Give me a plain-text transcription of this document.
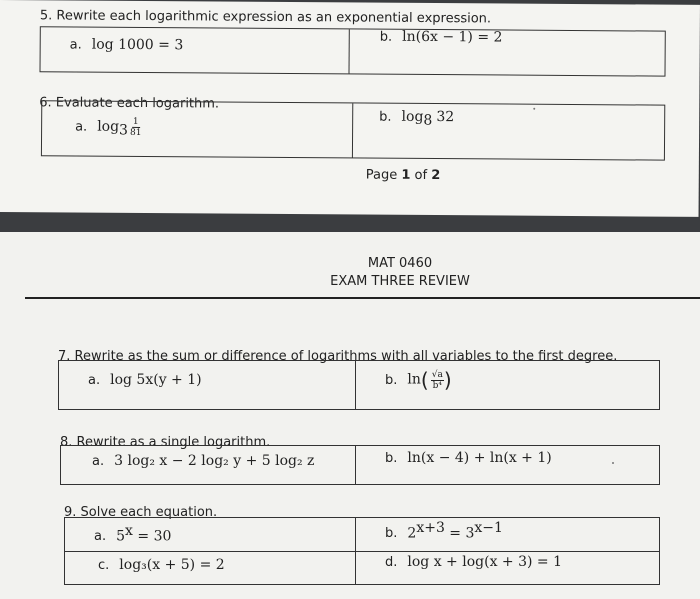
5. Rewrite each logarithmic expression as an exponential expression.
a. log 1000 = 3	b. ln(6x − 1) = 2
6. Evaluate each logarithm.
a. $\log_3 \frac{1}{81}$	b. $\log_8 32$
Page 1 of 2
MAT 0460
EXAM THREE REVIEW
7. Rewrite as the sum or difference of logarithms with all variables to the first degree.
a. log 5x(y + 1)	b. $\ln( \frac{√a}{\text{b⁴}}$ )
8. Rewrite as a single logarithm.
a. 3 log₂ x − 2 log₂ y + 5 log₂ z	b. ln(x − 4) + ln(x + 1)
9. Solve each equation.
a. $5^x = 30$	b. $2^{x+3} = 3^{x-1}$
c. log₃(x + 5) = 2	d. log x + log(x + 3) = 1
